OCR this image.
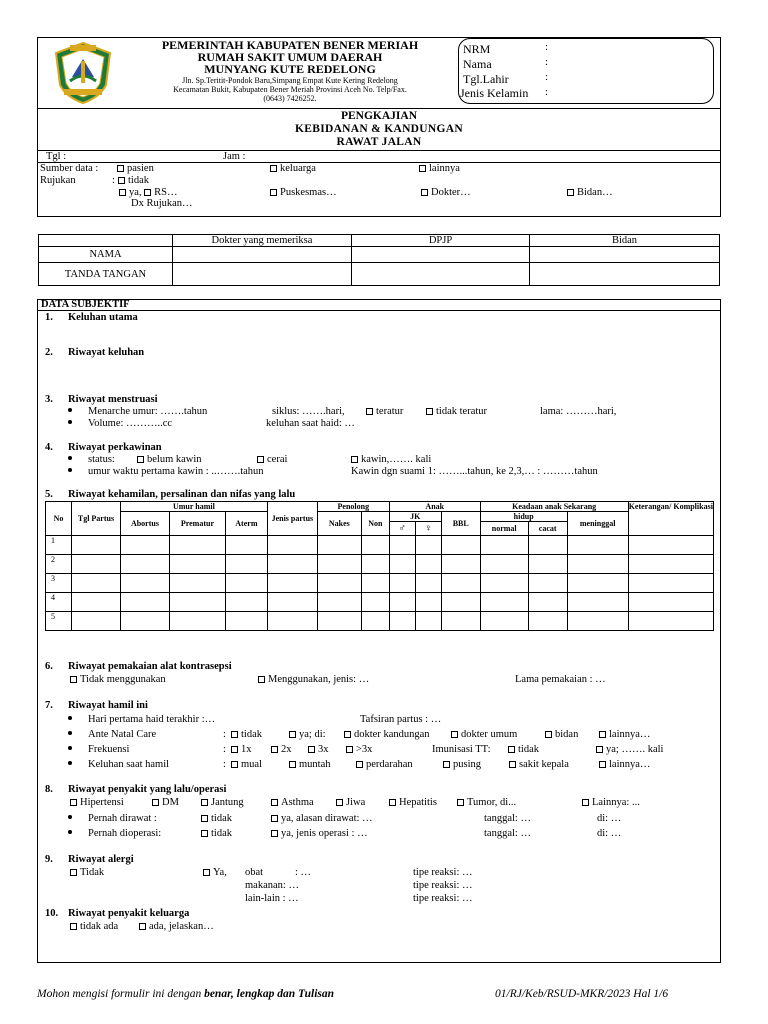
PEMERINTAH KABUPATEN BENER MERIAH
RUMAH SAKIT UMUM DAERAH
MUNYANG KUTE REDELONG
Jln. Sp.Teritit-Pondok Baru,Simpang Empat Kute Kering Redelong
Kecamatan Bukit, Kabupaten Bener Meriah Provinsi Aceh No. Telp/Fax.
(0643) 7426252.
NRM	:
Nama	:
Tgl.Lahir	:
Jenis Kelamin :
PENGKAJIAN
KEBIDANAN & KANDUNGAN
RAWAT JALAN
Tgl :	Jam :
Sumber data :	pasien	keluarga	lainnya
Rujukan	:	tidak
ya, RS…	Puskesmas…	Dokter…	Bidan…
Dx Rujukan…
	Dokter yang memeriksa	DPJP	Bidan
NAMA			
TANDA TANGAN			
DATA SUBJEKTIF
1. Keluhan utama
2. Riwayat keluhan
3. Riwayat menstruasi
Menarche umur: …….tahun	siklus: …….hari,	teratur	tidak teratur	lama: ………hari,
Volume: ………..cc	keluhan saat haid: …
4. Riwayat perkawinan
status:	belum kawin	cerai	kawin,……. kali
umur waktu pertama kawin : ..…….tahun	Kawin dgn suami 1: ……...tahun, ke 2,3,… : ………tahun
5. Riwayat kehamilan, persalinan dan nifas yang lalu
No	Tgl Partus	Umur hamil			Jenis partus	Penolong		Anak			Keadaan anak Sekarang			Keterangan/ Komplikasi
		Abortus	Prematur	Aterm		Nakes	Non	JK		BBL	hidup		meninggal	
								♂	♀		normal	cacat		
1														
2														
3														
4														
5														
6. Riwayat pemakaian alat kontrasepsi
Tidak menggunakan	Menggunakan, jenis: …	Lama pemakaian : …
7. Riwayat hamil ini
Hari pertama haid terakhir :…	Tafsiran partus : …
Ante Natal Care	:	tidak	ya; di:	dokter kandungan	dokter umum	bidan	lainnya…
Frekuensi	:	1x	2x	3x	>3x	Imunisasi TT:	tidak	ya; ……. kali
Keluhan saat hamil	:	mual	muntah	perdarahan	pusing	sakit kepala	lainnya…
8. Riwayat penyakit yang lalu/operasi
Hipertensi	DM	Jantung	Asthma	Jiwa	Hepatitis	Tumor, di...	Lainnya: ...
Pernah dirawat :	tidak	ya, alasan dirawat: …	tanggal: …	di: …
Pernah dioperasi:	tidak	ya, jenis operasi : …	tanggal: …	di: …
9. Riwayat alergi
Tidak	Ya, obat	: …	tipe reaksi: …
makanan: …	tipe reaksi: …
lain-lain : …	tipe reaksi: …
10. Riwayat penyakit keluarga
tidak ada	ada, jelaskan…
Mohon mengisi formulir ini dengan benar, lengkap dan Tulisan	01/RJ/Keb/RSUD-MKR/2023 Hal 1/6
